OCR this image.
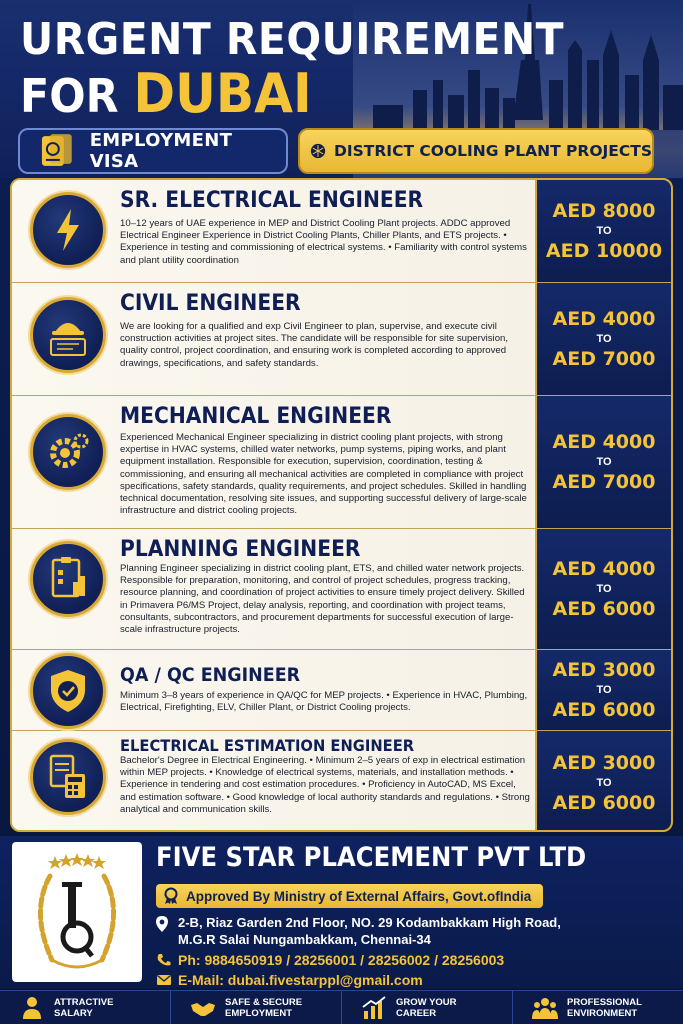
URGENT REQUIREMENT
FOR DUBAI
EMPLOYMENT VISA	DISTRICT COOLING PLANT PROJECTS
SR. ELECTRICAL ENGINEER
10–12 years of UAE experience in MEP and District Cooling Plant projects. ADDC approved Electrical Engineer Experience in District Cooling Plants, Chiller Plants, and ETS projects. • Experience in testing and commissioning of electrical systems. • Familiarity with control systems and plant utility coordination
AED 8000
TO
AED 10000
CIVIL ENGINEER
We are looking for a qualified and exp Civil Engineer to plan, supervise, and execute civil construction activities at project sites. The candidate will be responsible for site supervision, quality control, project coordination, and ensuring work is completed according to approved drawings, specifications, and safety standards.
AED 4000
TO
AED 7000
MECHANICAL ENGINEER
Experienced Mechanical Engineer specializing in district cooling plant projects, with strong expertise in HVAC systems, chilled water networks, pump systems, piping works, and plant equipment installation. Responsible for execution, supervision, coordination, testing & commissioning, and ensuring all mechanical activities are completed in compliance with project specifications, safety standards, quality requirements, and project schedules. Skilled in handling technical documentation, resolving site issues, and supporting successful delivery of large-scale infrastructure and district cooling projects.
AED 4000
TO
AED 7000
PLANNING ENGINEER
Planning Engineer specializing in district cooling plant, ETS, and chilled water network projects. Responsible for preparation, monitoring, and control of project schedules, progress tracking, resource planning, and coordination of project activities to ensure timely project delivery. Skilled in Primavera P6/MS Project, delay analysis, reporting, and coordination with project teams, consultants, subcontractors, and procurement departments for successful execution of large-scale infrastructure projects.
AED 4000
TO
AED 6000
QA / QC ENGINEER
Minimum 3–8 years of experience in QA/QC for MEP projects. • Experience in HVAC, Plumbing, Electrical, Firefighting, ELV, Chiller Plant, or District Cooling projects.
AED 3000
TO
AED 6000
ELECTRICAL ESTIMATION ENGINEER
Bachelor's Degree in Electrical Engineering. • Minimum 2–5 years of exp in electrical estimation within MEP projects. • Knowledge of electrical systems, materials, and installation methods. • Experience in tendering and cost estimation procedures. • Proficiency in AutoCAD, MS Excel, and estimation software. • Good knowledge of local authority standards and regulations. • Strong analytical and communication skills.
AED 3000
TO
AED 6000
FIVE STAR PLACEMENT PVT LTD
Approved By Ministry of External Affairs, Govt.ofIndia
2-B, Riaz Garden 2nd Floor, NO. 29 Kodambakkam High Road,
M.G.R Salai Nungambakkam, Chennai-34
Ph: 9884650919 / 28256001 / 28256002 / 28256003
E-Mail: dubai.fivestarppl@gmail.com
ATTRACTIVE
SALARY
SAFE & SECURE
EMPLOYMENT
GROW YOUR
CAREER
PROFESSIONAL
ENVIRONMENT
